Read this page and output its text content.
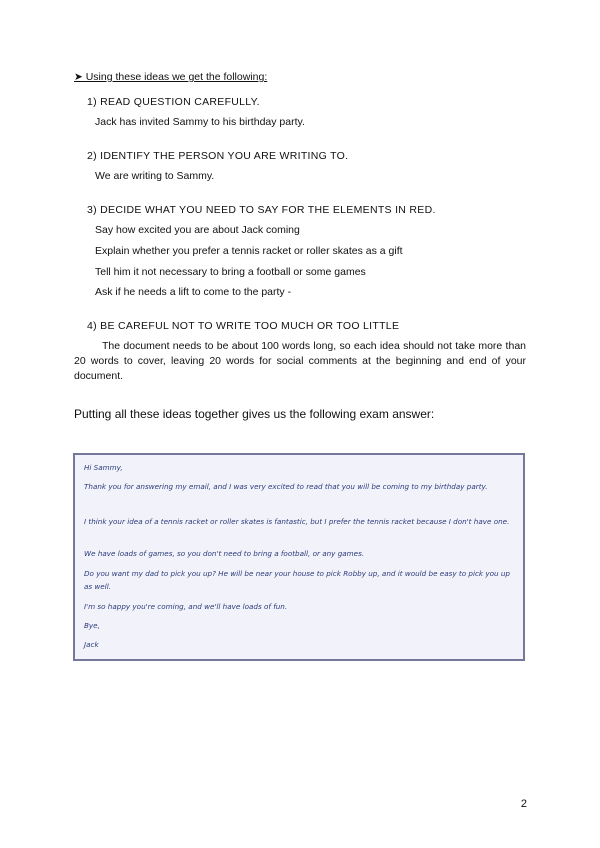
➤ Using these ideas we get the following:
1) READ QUESTION CAREFULLY.
Jack has invited Sammy to his birthday party.
2) IDENTIFY THE PERSON YOU ARE WRITING TO.
We are writing to Sammy.
3) DECIDE WHAT YOU NEED TO SAY FOR THE ELEMENTS IN RED.
Say how excited you are about Jack coming
Explain whether you prefer a tennis racket or roller skates as a gift
Tell him it not necessary to bring a football or some games
Ask if he needs a lift to come to the party -
4) BE CAREFUL NOT TO WRITE TOO MUCH OR TOO LITTLE
The document needs to be about 100 words long, so each idea should not take more than 20 words to cover, leaving 20 words for social comments at the beginning and end of your document.
Putting all these ideas together gives us the following exam answer:
Hi Sammy,
Thank you for answering my email, and I was very excited to read that you will be coming to my birthday party.
I think your idea of a tennis racket or roller skates is fantastic, but I prefer the tennis racket because I don't have one.
We have loads of games, so you don't need to bring a football, or any games.
Do you want my dad to pick you up? He will be near your house to pick Robby up, and it would be easy to pick you up as well.
I'm so happy you're coming, and we'll have loads of fun.
Bye,
Jack
2
